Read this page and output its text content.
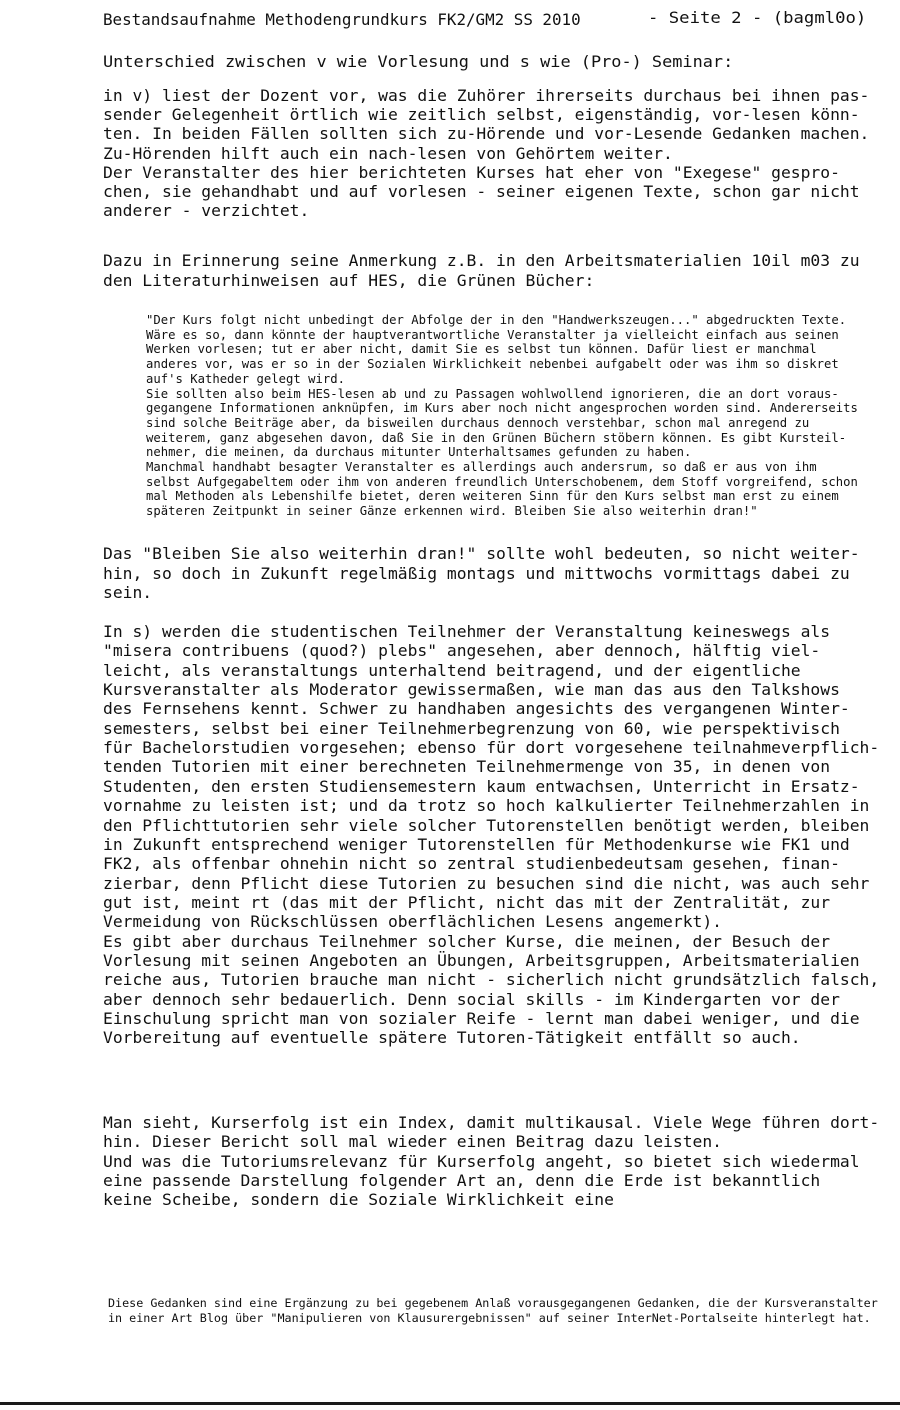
Bestandsaufnahme Methodengrundkurs FK2/GM2 SS 2010	- Seite 2 - (bagml0o)
Unterschied zwischen v wie Vorlesung und s wie (Pro-) Seminar:
in v) liest der Dozent vor, was die Zuhörer ihrerseits durchaus bei ihnen pas-
sender Gelegenheit örtlich wie zeitlich selbst, eigenständig, vor-lesen könn-
ten. In beiden Fällen sollten sich zu-Hörende und vor-Lesende Gedanken machen.
Zu-Hörenden hilft auch ein nach-lesen von Gehörtem weiter.
Der Veranstalter des hier berichteten Kurses hat eher von "Exegese" gespro-
chen, sie gehandhabt und auf vorlesen - seiner eigenen Texte, schon gar nicht
anderer - verzichtet.
Dazu in Erinnerung seine Anmerkung z.B. in den Arbeitsmaterialien 10il m03 zu
den Literaturhinweisen auf HES, die Grünen Bücher:
"Der Kurs folgt nicht unbedingt der Abfolge der in den "Handwerkszeugen..." abgedruckten Texte.
Wäre es so, dann könnte der hauptverantwortliche Veranstalter ja vielleicht einfach aus seinen
Werken vorlesen; tut er aber nicht, damit Sie es selbst tun können. Dafür liest er manchmal
anderes vor, was er so in der Sozialen Wirklichkeit nebenbei aufgabelt oder was ihm so diskret
auf's Katheder gelegt wird.
Sie sollten also beim HES-lesen ab und zu Passagen wohlwollend ignorieren, die an dort voraus-
gegangene Informationen anknüpfen, im Kurs aber noch nicht angesprochen worden sind. Andererseits
sind solche Beiträge aber, da bisweilen durchaus dennoch verstehbar, schon mal anregend zu
weiterem, ganz abgesehen davon, daß Sie in den Grünen Büchern stöbern können. Es gibt Kursteil-
nehmer, die meinen, da durchaus mitunter Unterhaltsames gefunden zu haben.
Manchmal handhabt besagter Veranstalter es allerdings auch andersrum, so daß er aus von ihm
selbst Aufgegabeltem oder ihm von anderen freundlich Unterschobenem, dem Stoff vorgreifend, schon
mal Methoden als Lebenshilfe bietet, deren weiteren Sinn für den Kurs selbst man erst zu einem
späteren Zeitpunkt in seiner Gänze erkennen wird. Bleiben Sie also weiterhin dran!"
Das "Bleiben Sie also weiterhin dran!" sollte wohl bedeuten, so nicht weiter-
hin, so doch in Zukunft regelmäßig montags und mittwochs vormittags dabei zu
sein.
In s) werden die studentischen Teilnehmer der Veranstaltung keineswegs als
"misera contribuens (quod?) plebs" angesehen, aber dennoch, hälftig viel-
leicht, als veranstaltungs unterhaltend beitragend, und der eigentliche
Kursveranstalter als Moderator gewissermaßen, wie man das aus den Talkshows
des Fernsehens kennt. Schwer zu handhaben angesichts des vergangenen Winter-
semesters, selbst bei einer Teilnehmerbegrenzung von 60, wie perspektivisch
für Bachelorstudien vorgesehen; ebenso für dort vorgesehene teilnahmeverpflich-
tenden Tutorien mit einer berechneten Teilnehmermenge von 35, in denen von
Studenten, den ersten Studiensemestern kaum entwachsen, Unterricht in Ersatz-
vornahme zu leisten ist; und da trotz so hoch kalkulierter Teilnehmerzahlen in
den Pflichttutorien sehr viele solcher Tutorenstellen benötigt werden, bleiben
in Zukunft entsprechend weniger Tutorenstellen für Methodenkurse wie FK1 und
FK2, als offenbar ohnehin nicht so zentral studienbedeutsam gesehen, finan-
zierbar, denn Pflicht diese Tutorien zu besuchen sind die nicht, was auch sehr
gut ist, meint rt (das mit der Pflicht, nicht das mit der Zentralität, zur
Vermeidung von Rückschlüssen oberflächlichen Lesens angemerkt).
Es gibt aber durchaus Teilnehmer solcher Kurse, die meinen, der Besuch der
Vorlesung mit seinen Angeboten an Übungen, Arbeitsgruppen, Arbeitsmaterialien
reiche aus, Tutorien brauche man nicht - sicherlich nicht grundsätzlich falsch,
aber dennoch sehr bedauerlich. Denn social skills - im Kindergarten vor der
Einschulung spricht man von sozialer Reife - lernt man dabei weniger, und die
Vorbereitung auf eventuelle spätere Tutoren-Tätigkeit entfällt so auch.
Man sieht, Kurserfolg ist ein Index, damit multikausal. Viele Wege führen dort-
hin. Dieser Bericht soll mal wieder einen Beitrag dazu leisten.
Und was die Tutoriumsrelevanz für Kurserfolg angeht, so bietet sich wiedermal
eine passende Darstellung folgender Art an, denn die Erde ist bekanntlich
keine Scheibe, sondern die Soziale Wirklichkeit eine
Diese Gedanken sind eine Ergänzung zu bei gegebenem Anlaß vorausgegangenen Gedanken, die der Kursveranstalter
in einer Art Blog über "Manipulieren von Klausurergebnissen" auf seiner InterNet-Portalseite hinterlegt hat.
